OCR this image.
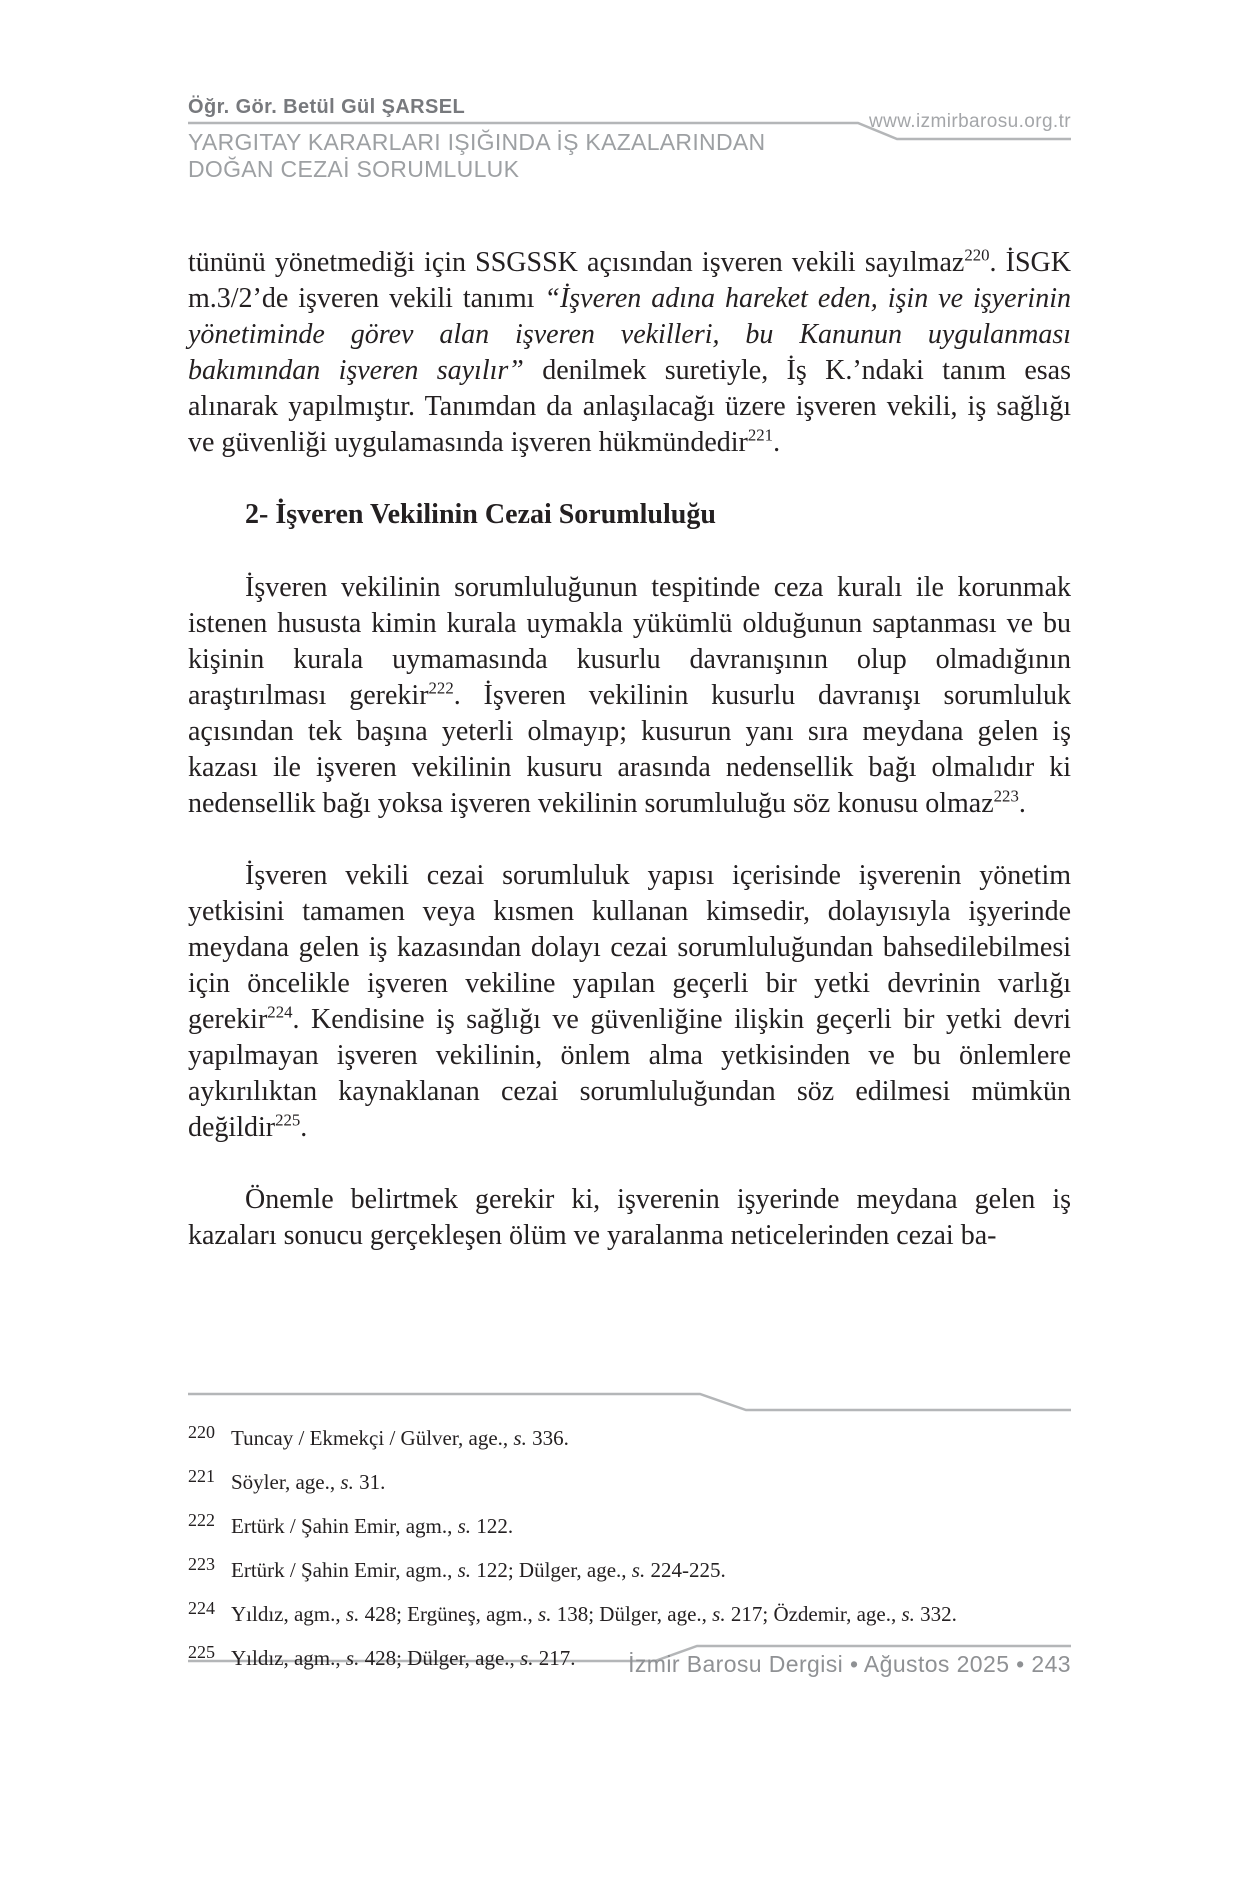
Öğr. Gör. Betül Gül ŞARSEL
www.izmirbarosu.org.tr
YARGITAY KARARLARI IŞIĞINDA İŞ KAZALARINDAN
DOĞAN CEZAİ SORUMLULUK

tününü yönetmediği için SSGSSK açısından işveren vekili sayılmaz$^{220}$. İSGK m.3/2’de işveren vekili tanımı “İşveren adına hareket eden, işin ve işyerinin yönetiminde görev alan işveren vekilleri, bu Kanunun uygulanması bakımından işveren sayılır” denilmek suretiyle, İş K.’ndaki tanım esas alınarak yapılmıştır. Tanımdan da anlaşılacağı üzere işveren vekili, iş sağlığı ve güvenliği uygulamasında işveren hükmündedir$^{221}$.

2- İşveren Vekilinin Cezai Sorumluluğu

İşveren vekilinin sorumluluğunun tespitinde ceza kuralı ile korunmak istenen hususta kimin kurala uymakla yükümlü olduğunun saptanması ve bu kişinin kurala uymamasında kusurlu davranışının olup olmadığının araştırılması gerekir$^{222}$. İşveren vekilinin kusurlu davranışı sorumluluk açısından tek başına yeterli olmayıp; kusurun yanı sıra meydana gelen iş kazası ile işveren vekilinin kusuru arasında nedensellik bağı olmalıdır ki nedensellik bağı yoksa işveren vekilinin sorumluluğu söz konusu olmaz$^{223}$.

İşveren vekili cezai sorumluluk yapısı içerisinde işverenin yönetim yetkisini tamamen veya kısmen kullanan kimsedir, dolayısıyla işyerinde meydana gelen iş kazasından dolayı cezai sorumluluğundan bahsedilebilmesi için öncelikle işveren vekiline yapılan geçerli bir yetki devrinin varlığı gerekir$^{224}$. Kendisine iş sağlığı ve güvenliğine ilişkin geçerli bir yetki devri yapılmayan işveren vekilinin, önlem alma yetkisinden ve bu önlemlere aykırılıktan kaynaklanan cezai sorumluluğundan söz edilmesi mümkün değildir$^{225}$.

Önemle belirtmek gerekir ki, işverenin işyerinde meydana gelen iş kazaları sonucu gerçekleşen ölüm ve yaralanma neticelerinden cezai ba-

220 Tuncay / Ekmekçi / Gülver, age., s. 336.
221 Söyler, age., s. 31.
222 Ertürk / Şahin Emir, agm., s. 122.
223 Ertürk / Şahin Emir, agm., s. 122; Dülger, age., s. 224-225.
224 Yıldız, agm., s. 428; Ergüneş, agm., s. 138; Dülger, age., s. 217; Özdemir, age., s. 332.
225 Yıldız, agm., s. 428; Dülger, age., s. 217.	İzmir Barosu Dergisi • Ağustos 2025 • 243
